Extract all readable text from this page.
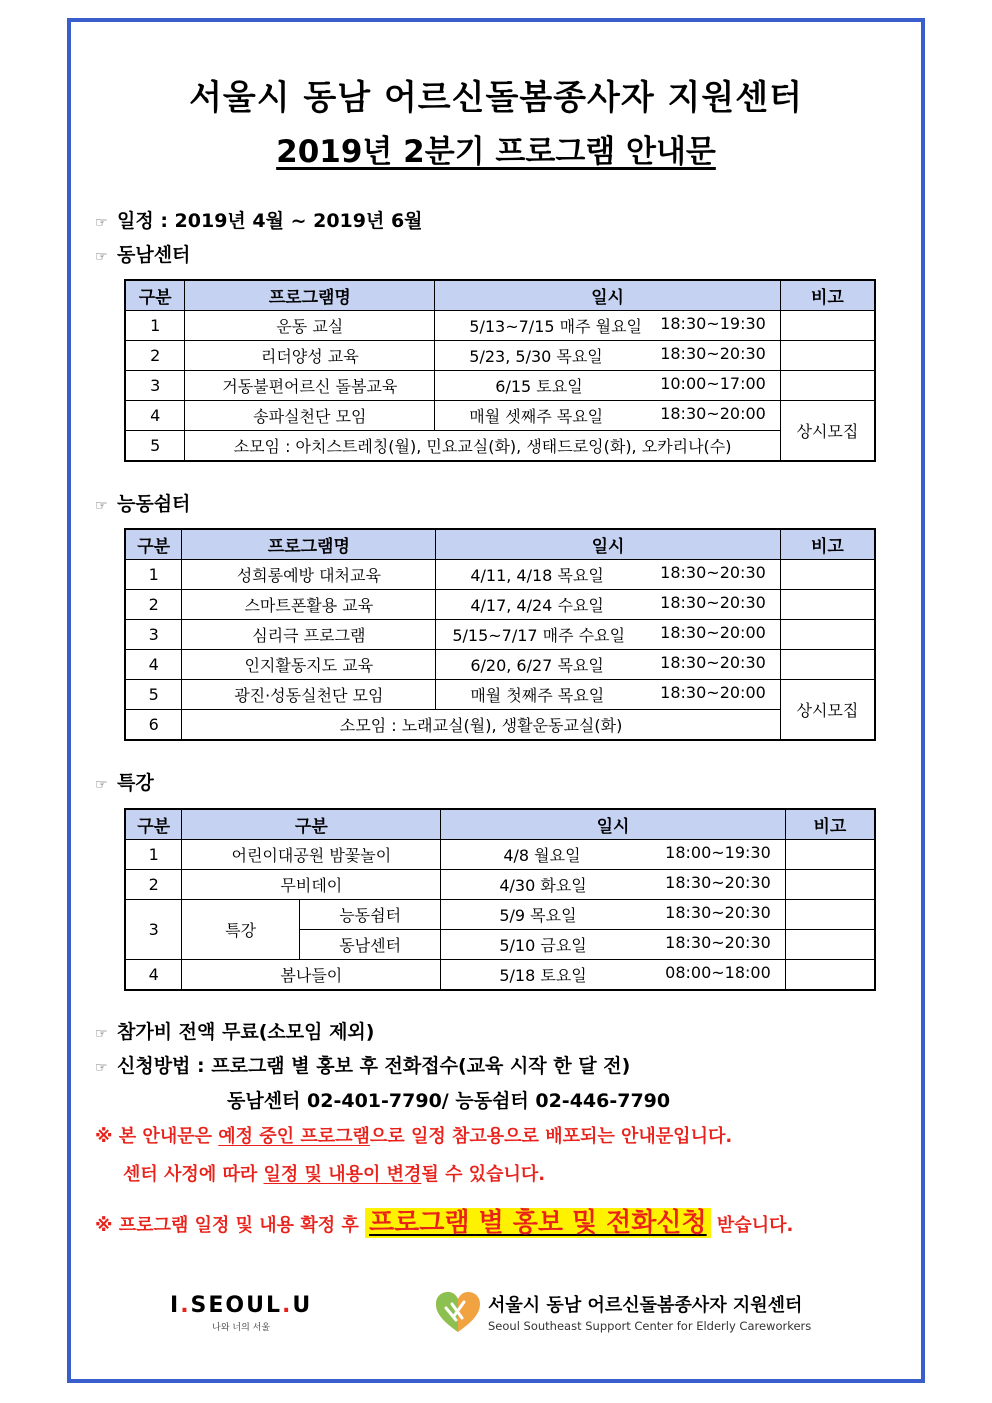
서울시 동남 어르신돌봄종사자 지원센터
2019년 2분기 프로그램 안내문
☞ 일정 : 2019년 4월 ~ 2019년 6월
☞ 동남센터
구분	프로그램명	일시	비고
1	운동 교실	5/13~7/15 매주 월요일 18:30~19:30	

2	리더양성 교육	5/23, 5/30 목요일 18:30~20:30	

3	거동불편어르신 돌봄교육	6/15 토요일 10:00~17:00	

4	송파실천단 모임	매월 셋째주 목요일 18:30~20:00	상시모집
5	소모임 : 아치스트레칭(월), 민요교실(화), 생태드로잉(화), 오카리나(수)		
☞ 능동쉼터
구분	프로그램명	일시	비고
1	성희롱예방 대처교육	4/11, 4/18 목요일 18:30~20:30	

2	스마트폰활용 교육	4/17, 4/24 수요일 18:30~20:30	

3	심리극 프로그램	5/15~7/17 매주 수요일 18:30~20:00	

4	인지활동지도 교육	6/20, 6/27 목요일 18:30~20:30	

5	광진·성동실천단 모임	매월 첫째주 목요일 18:30~20:00	상시모집
6	소모임 : 노래교실(월), 생활운동교실(화)		
☞ 특강
구분	구분		일시	비고
1	어린이대공원 밤꽃놀이		4/8 월요일 18:00~19:30	

2	무비데이		4/30 화요일 18:30~20:30	

3	특강	능동쉼터	5/9 목요일 18:30~20:30	

		동남센터	5/10 금요일 18:30~20:30	

4	봄나들이		5/18 토요일 08:00~18:00	

☞ 참가비 전액 무료(소모임 제외)
☞ 신청방법 : 프로그램 별 홍보 후 전화접수(교육 시작 한 달 전)
동남센터 02-401-7790/ 능동쉼터 02-446-7790
※ 본 안내문은 예정 중인 프로그램으로 일정 참고용으로 배포되는 안내문입니다.
센터 사정에 따라 일정 및 내용이 변경될 수 있습니다.
※ 프로그램 일정 및 내용 확정 후 프로그램 별 홍보 및 전화신청 받습니다.
I.SEOUL.U
나와 너의 서울
서울시 동남 어르신돌봄종사자 지원센터
Seoul Southeast Support Center for Elderly Careworkers
